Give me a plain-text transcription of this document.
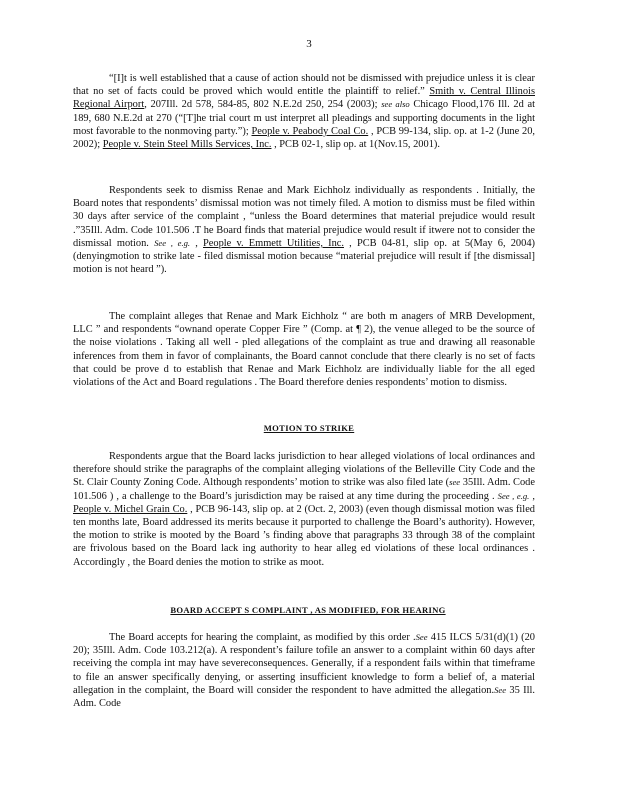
3

“[I]t is well established that a cause of action should not be dismissed with prejudice unless it is clear that no set of facts could be proved which would entitle the plaintiff to relief.” Smith v. Central Illinois Regional Airport, 207Ill. 2d 578, 584-85, 802 N.E.2d 250, 254 (2003); see also Chicago Flood,176 Ill. 2d at 189, 680 N.E.2d at 270 (“[T]he trial court m ust interpret all pleadings and supporting documents in the light most favorable to the nonmoving party.”); People v. Peabody Coal Co. , PCB 99-134, slip. op. at 1-2 (June 20, 2002); People v. Stein Steel Mills Services, Inc. , PCB 02-1, slip op. at 1(Nov.15, 2001).

Respondents seek to dismiss Renae and Mark Eichholz individually as respondents . Initially, the Board notes that respondents’ dismissal motion was not timely filed. A motion to dismiss must be filed within 30 days after service of the complaint , “unless the Board determines that material prejudice would result .”35Ill. Adm. Code 101.506 .T he Board finds that material prejudice would result if itwere not to consider the dismissal motion. See , e.g. , People v. Emmett Utilities, Inc. , PCB 04-81, slip op. at 5(May 6, 2004) (denyingmotion to strike late - filed dismissal motion because “material prejudice will result if [the dismissal] motion is not heard ”).

The complaint alleges that Renae and Mark Eichholz “ are both m anagers of MRB Development, LLC ” and respondents “ownand operate Copper Fire ” (Comp. at ¶ 2), the venue alleged to be the source of the noise violations . Taking all well - pled allegations of the complaint as true and drawing all reasonable inferences from them in favor of complainants, the Board cannot conclude that there clearly is no set of facts that could be prove d to establish that Renae and Mark Eichholz are individually liable for the all eged violations of the Act and Board regulations . The Board therefore denies respondents’ motion to dismiss.

MOTION TO STRIKE

Respondents argue that the Board lacks jurisdiction to hear alleged violations of local ordinances and therefore should strike the paragraphs of the complaint alleging violations of the Belleville City Code and the St. Clair County Zoning Code. Although respondents’ motion to strike was also filed late (see 35Ill. Adm. Code 101.506 ) , a challenge to the Board’s jurisdiction may be raised at any time during the proceeding . See , e.g. , People v. Michel Grain Co. , PCB 96-143, slip op. at 2 (Oct. 2, 2003) (even though dismissal motion was filed ten months late, Board addressed its merits because it purported to challenge the Board’s authority). However, the motion to strike is mooted by the Board ’s finding above that paragraphs 33 through 38 of the complaint are frivolous based on the Board lack ing authority to hear alleg ed violations of these local ordinances . Accordingly , the Board denies the motion to strike as moot.

BOARD ACCEPT S COMPLAINT , AS MODIFIED, FOR HEARING

The Board accepts for hearing the complaint, as modified by this order .See 415 ILCS 5/31(d)(1) (20 20); 35Ill. Adm. Code 103.212(a). A respondent’s failure tofile an answer to a complaint within 60 days after receiving the compla int may have severeconsequences. Generally, if a respondent fails within that timeframe to file an answer specifically denying, or asserting insufficient knowledge to form a belief of, a material allegation in the complaint, the Board will consider the respondent to have admitted the allegation.See 35 Ill. Adm. Code
